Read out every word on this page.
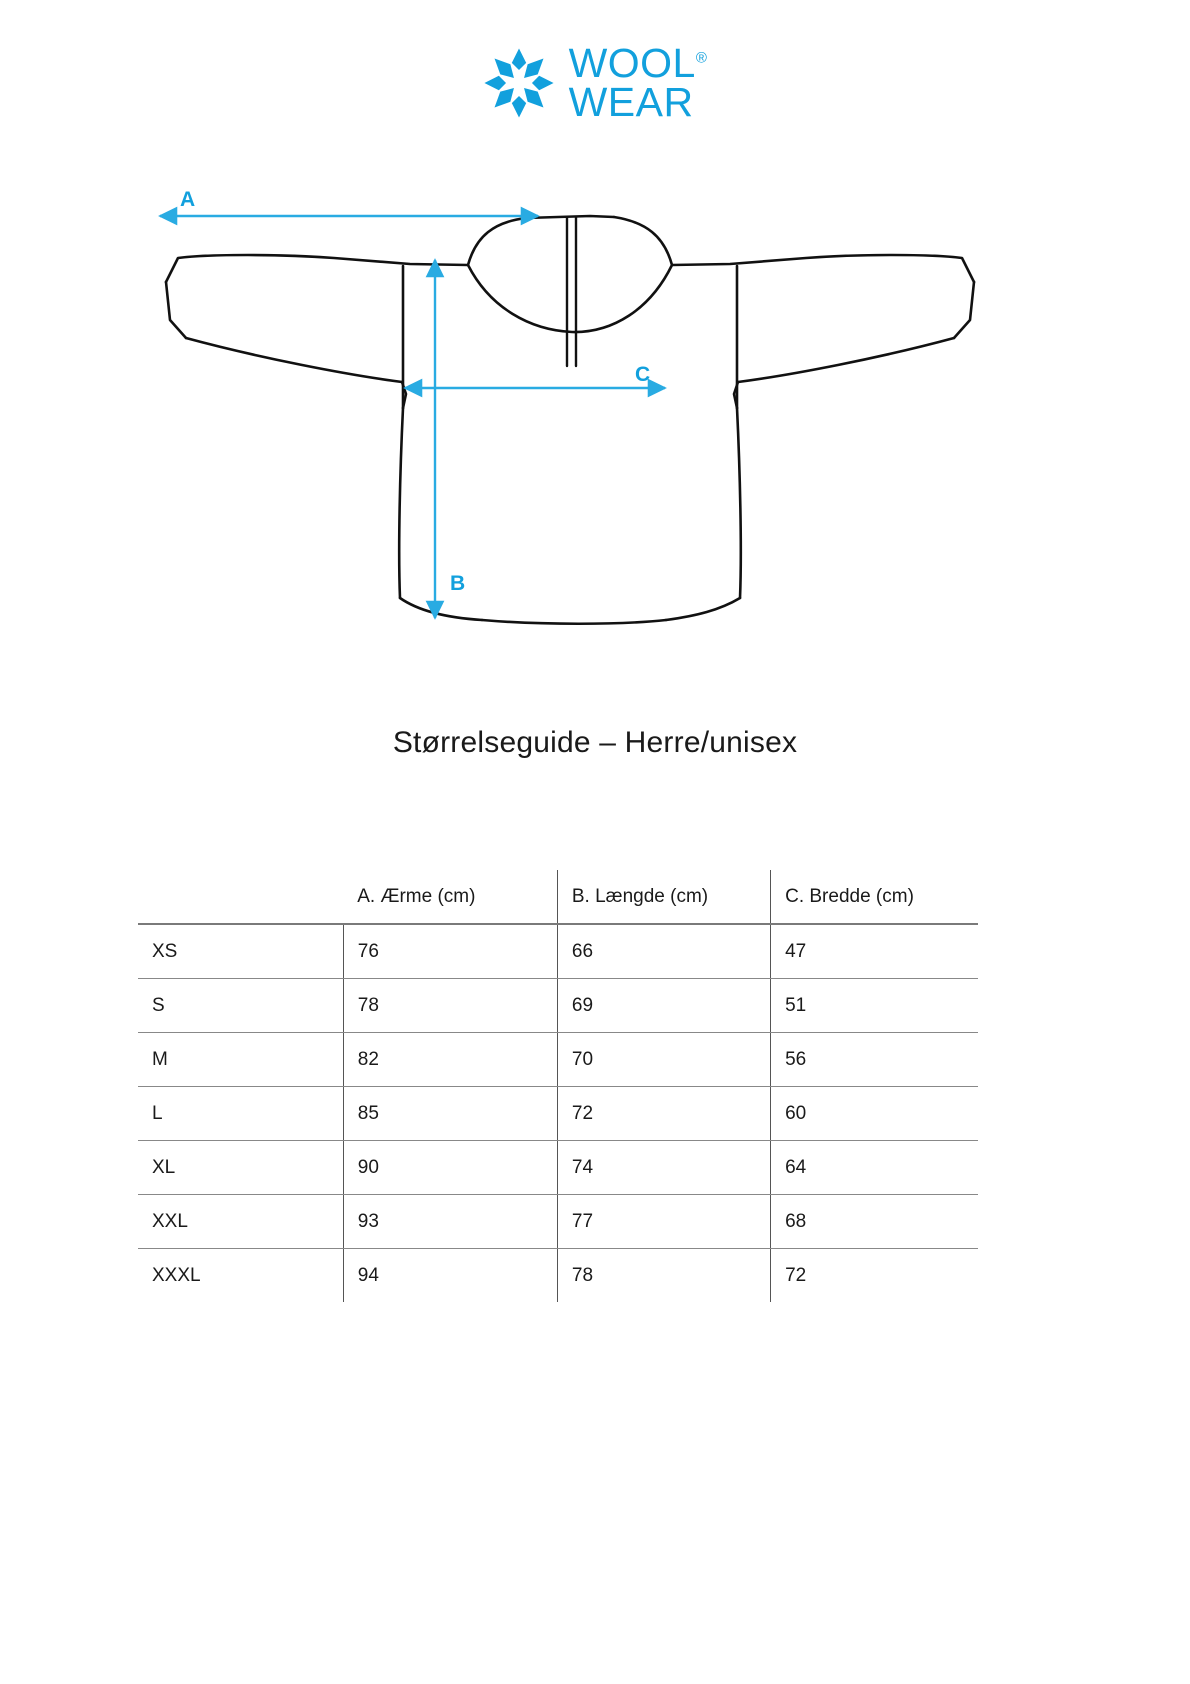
WOOL®
WEAR
A
B
C
Størrelseguide – Herre/unisex
	A. Ærme (cm)	B. Længde (cm)	C. Bredde (cm)
XS	76	66	47
S	78	69	51
M	82	70	56
L	85	72	60
XL	90	74	64
XXL	93	77	68
XXXL	94	78	72
